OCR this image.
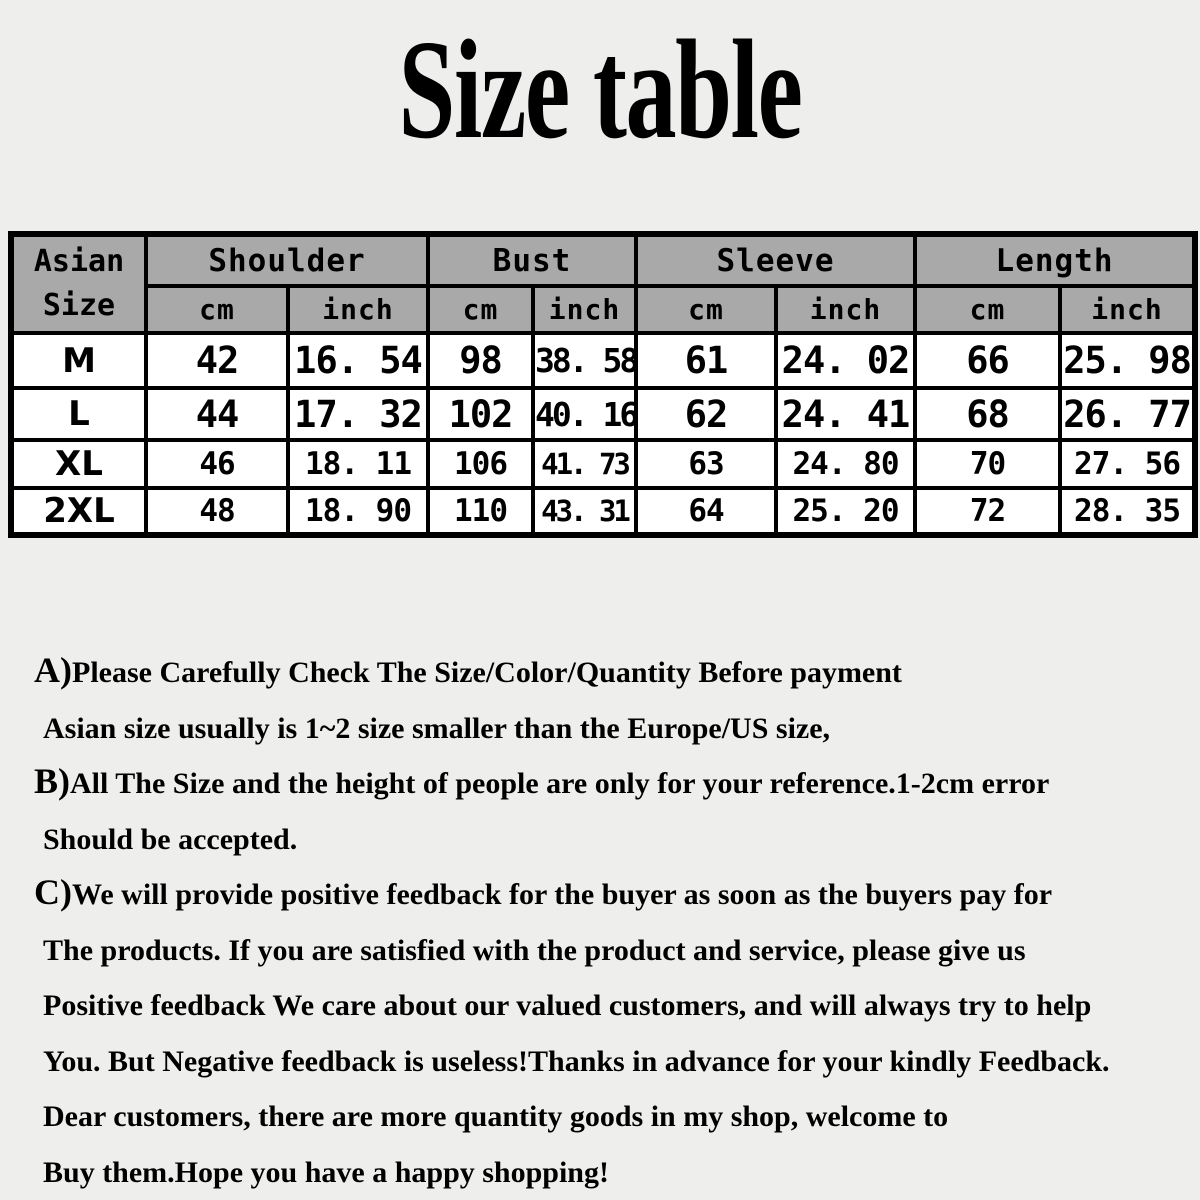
Size table
Asian
Size	Shoulder		Bust		Sleeve		Length	
	cm	inch	cm	inch	cm	inch	cm	inch
M	42	16. 54	98	38. 58	61	24. 02	66	25. 98
L	44	17. 32	102	40. 16	62	24. 41	68	26. 77
XL	46	18. 11	106	41. 73	63	24. 80	70	27. 56
2XL	48	18. 90	110	43. 31	64	25. 20	72	28. 35

A)Please Carefully Check The Size/Color/Quantity Before payment

Asian size usually is 1~2 size smaller than the Europe/US size,

B)All The Size and the height of people are only for your reference.1-2cm error

Should be accepted.

C)We will provide positive feedback for the buyer as soon as the buyers pay for

The products. If you are satisfied with the product and service, please give us

Positive feedback We care about our valued customers, and will always try to help

You. But Negative feedback is useless!Thanks in advance for your kindly Feedback.

Dear customers, there are more quantity goods in my shop, welcome to

Buy them.Hope you have a happy shopping!
